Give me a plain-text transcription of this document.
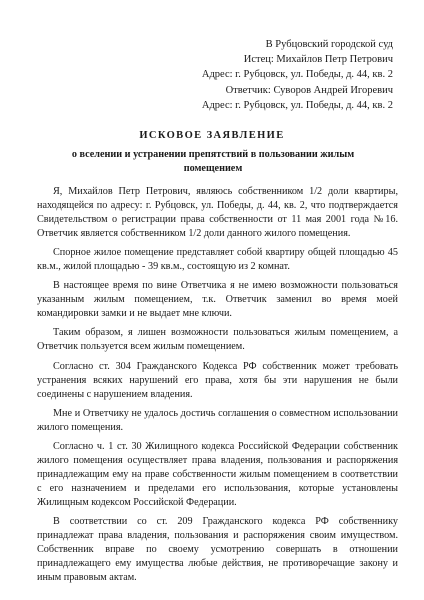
В Рубцовский городской суд
Истец: Михайлов Петр Петрович
Адрес: г. Рубцовск, ул. Победы, д. 44, кв. 2
Ответчик: Суворов Андрей Игоревич
Адрес: г. Рубцовск, ул. Победы, д. 44, кв. 2
ИСКОВОЕ ЗАЯВЛЕНИЕ
о вселении и устранении препятствий в пользовании жилым помещением

Я, Михайлов Петр Петрович, являюсь собственником 1/2 доли квартиры, находящейся по адресу: г. Рубцовск, ул. Победы, д. 44, кв. 2, что подтверждается Свидетельством о регистрации права собственности от 11 мая 2001 года №16. Ответчик является собственником 1/2 доли данного жилого помещения.

Спорное жилое помещение представляет собой квартиру общей площадью 45 кв.м., жилой площадью - 39 кв.м., состоящую из 2 комнат.

В настоящее время по вине Ответчика я не имею возможности пользоваться указанным жилым помещением, т.к. Ответчик заменил во время моей командировки замки и не выдает мне ключи.

Таким образом, я лишен возможности пользоваться жилым помещением, а Ответчик пользуется всем жилым помещением.

Согласно ст. 304 Гражданского Кодекса РФ собственник может требовать устранения всяких нарушений его права, хотя бы эти нарушения не были соединены с нарушением владения.

Мне и Ответчику не удалось достичь соглашения о совместном использовании жилого помещения.

Согласно ч. 1 ст. 30 Жилищного кодекса Российской Федерации собственник жилого помещения осуществляет права владения, пользования и распоряжения принадлежащим ему на праве собственности жилым помещением в соответствии с его назначением и пределами его использования, которые установлены Жилищным кодексом Российской Федерации.

В соответствии со ст. 209 Гражданского кодекса РФ собственнику принадлежат права владения, пользования и распоряжения своим имуществом. Собственник вправе по своему усмотрению совершать в отношении принадлежащего ему имущества любые действия, не противоречащие закону и иным правовым актам.
